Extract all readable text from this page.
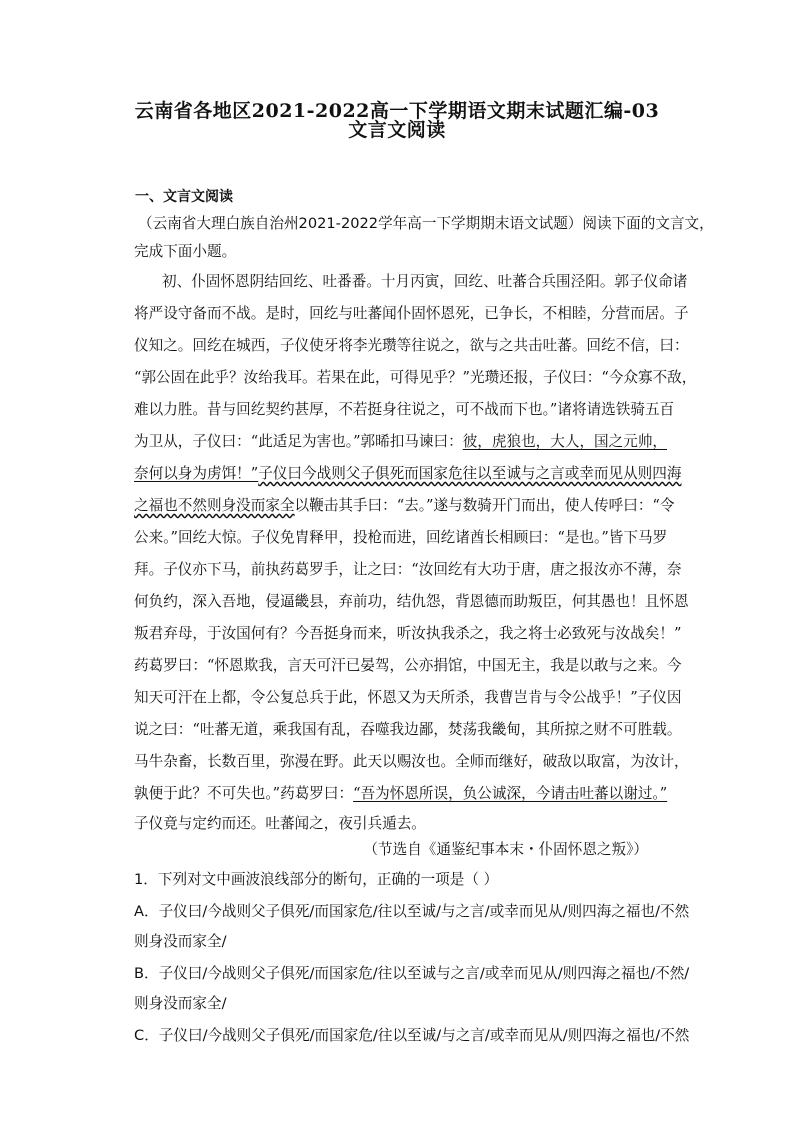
云南省各地区2021-2022高一下学期语文期末试题汇编-03
文言文阅读
一、文言文阅读
（云南省大理白族自治州2021-2022学年高一下学期期末语文试题）阅读下面的文言文，
完成下面小题。
初、仆固怀恩阴结回纥、吐番番。十月丙寅，回纥、吐蕃合兵围泾阳。郭子仪命诸
将严设守备而不战。是时，回纥与吐蕃闻仆固怀恩死，已争长，不相睦，分营而居。子
仪知之。回纥在城西，子仪使牙将李光瓒等往说之，欲与之共击吐蕃。回纥不信，曰：
“郭公固在此乎？汝绐我耳。若果在此，可得见乎？”光瓒还报，子仪曰：“今众寡不敌，
难以力胜。昔与回纥契约甚厚，不若挺身往说之，可不战而下也。”诸将请选铁骑五百
为卫从，子仪曰：“此适足为害也。”郭晞扣马谏曰：彼，虎狼也，大人，国之元帅，
奈何以身为虏饵！”子仪曰今战则父子俱死而国家危往以至诚与之言或幸而见从则四海
之福也不然则身没而家全以鞭击其手曰：“去。”遂与数骑开门而出，使人传呼曰：“令
公来。”回纥大惊。子仪免胄释甲，投枪而进，回纥诸酋长相顾曰：“是也。”皆下马罗
拜。子仪亦下马，前执药葛罗手，让之曰：“汝回纥有大功于唐，唐之报汝亦不薄，奈
何负约，深入吾地，侵逼畿县，弃前功，结仇怨，背恩德而助叛臣，何其愚也！且怀恩
叛君弃母，于汝国何有？今吾挺身而来，听汝执我杀之，我之将士必致死与汝战矣！”
药葛罗曰：“怀恩欺我，言天可汗已晏驾，公亦捐馆，中国无主，我是以敢与之来。今
知天可汗在上都，令公复总兵于此，怀恩又为天所杀，我曹岂肯与令公战乎！”子仪因
说之曰：“吐蕃无道，乘我国有乱，吞噬我边鄙，焚荡我畿甸，其所掠之财不可胜载。
马牛杂畜，长数百里，弥漫在野。此天以赐汝也。全师而继好，破敌以取富，为汝计，
孰便于此？不可失也。”药葛罗曰：“吾为怀恩所误，负公诚深，今请击吐蕃以谢过。”
子仪竟与定约而还。吐蕃闻之，夜引兵遁去。
（节选自《通鉴纪事本末・仆固怀恩之叛》）
1．下列对文中画波浪线部分的断句，正确的一项是（ ）
A．子仪曰/今战则父子俱死/而国家危/往以至诚/与之言/或幸而见从/则四海之福也/不然
则身没而家全/
B．子仪曰/今战则父子俱死/而国家危/往以至诚与之言/或幸而见从/则四海之福也/不然/
则身没而家全/
C．子仪曰/今战则父子俱死/而国家危/往以至诚/与之言/或幸而见从/则四海之福也/不然
